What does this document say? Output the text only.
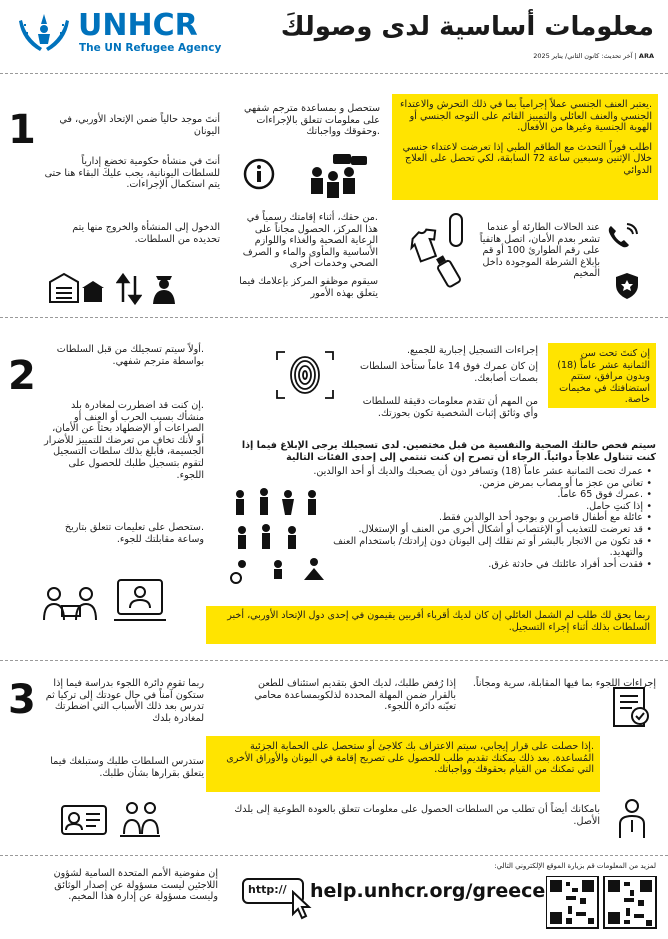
UNHCR
The UN Refugee Agency
معلومات أساسية لدى وصولكَ
ARA | آخر تحديث: كانون الثاني/ يناير 2025

.يعتبر العنف الجنسي عملاً إجرامياً بما في ذلك التحرش والاعتداء الجنسي والعنف العائلي والتمييز القائم على التوجه الجنسي أو الهوية الجنسية وغيرها من الأفعال.

اطلب فوراً التحدث مع الطاقم الطبي إذا تعرضت لاعتداء جنسي خلال الإثنين وسبعين ساعة 72 السابقة، لكي تحصل على العلاج الدوائي

عند الحالات الطارئة أو عندما تشعر بعدم الأمان، اتصل هاتفياً على رقم الطوارئ 100 أو قم بإبلاغ الشرطة الموجودة داخل المخيم
ستحصل و بمساعدة مترجم شفهي على معلومات تتعلق بالإجراءات .وحقوقك وواجباتك
.من حقك، أثناء إقامتك رسمياً في هذا المركز، الحصول مجاناً على الرعاية الصحية والغذاء واللوازم الأساسية والمأوى والماء و الصرف الصحي وخدمات أخرى
سيقوم موظفو المركز بإعلامك فيما يتعلق بهذه الأمور
1	أنتَ موجد حالياً ضمن الإتحاد الأوربي، في اليونان
أنتَ في منشأة حكومية تخضع إدارياً للسلطات اليونانية، يجب عليكَ البقاء هنا حتى يتم استكمال الإجراءات.
الدخول إلى المنشأة والخروج منها يتم تحديده من السلطات.

إن كنتَ تحت سن الثمانية عشر عاماً (18) وبدون مرافق، ستتم استضافتك في مخيمات خاصة.

إجراءات التسجيل إجبارية للجميع.
إن كان عمرك فوق 14 عاماً ستأخذ السلطات بصمات أصابعك.
من المهم أن تقدم معلومات دقيقة للسلطات وأي وثائق إثبات الشخصية تكون بحوزتك.
سيتم فحص حالتك الصحية والنفسية من قبل مختصين. لدى تسجيلك يرجى الإبلاغ فيما إذا كنت تتناول علاجاً دوائياً. الرجاء أن تصرح إن كنت تنتمي إلى إحدى الفئات التالية
• عمرك تحت الثمانية عشر عاماً (18) وتسافر دون أن يصحبك والديك أو أحد الوالدين.
• تعاني من عجز ما أو مصاب بمرض مزمن.
• .عمرك فوق 65 عاماً.
• إذا كنتِ حامل.
• عائلة مع أطفال قاصرين و بوجود أحد الوالدين فقط.
• قد تعرضت للتعذيب أو الإغتصاب أو أشكال أخرى من العنف أو الإستغلال.
• قد تكون من الاتجار بالبشر أو تم نقلك إلى اليونان دون إرادتك/ باستخدام العنف والتهديد.
• فقدت أحد أفراد عائلتك في حادثة غرق.

ربما يحق لك طلب لم الشمل العائلي إن كان لديك أقرباء أقربين يقيمون في إحدى دول الإتحاد الأوربي، أخبر السلطات بذلك أثناء إجراء التسجيل.

2
.أولاً سيتم تسجيلك من قبل السلطات بواسطة مترجم شفهي.
.إن كنت قد اضطررت لمغادرة بلد منشأك بسبب الحرب أو العنف أو الصراعات أو الإضطهاد بحثاً عن الأمان، أو لأنك تخاف من تعرضك للتمييز للأضرار الجسيمة، فأبلغ بذلك سلطات التسجيل لتقوم بتسجيل طلبك للحصول على اللجوء.
.ستحصل على تعليمات تتعلق بتاريخ وساعة مقابلتك للجوء.
إجراءات اللجوء بما فيها المقابلة، سرية ومجاناً.
إذا رُفض طلبك، لديك الحق بتقديم استئناف للطعن بالقرار ضمن المهلة المحددة لذلكوبمساعدة محامي تعيّنه دائرة اللجوء.

.إذا حصلت على قرار إيجابي، سيتم الاعتراف بك كلاجئ أو ستحصل على الحماية الجزئية المُساعدة. بعد ذلك يمكنك تقديم طلب للحصول على تصريح إقامة في اليونان والأوراق الأخرى التي تمكنك من القيام بحقوقك وواجباتك.

بامكانك أيضاً أن تطلب من السلطات الحصول على معلومات تتعلق بالعودة الطوعية إلى بلدك الأصل.
3	ربما تقوم دائرة اللجوء بدراسة فيما إذا ستكون آمناً في حال عودتك إلى تركيا ثم تدرس بعد ذلك الأسباب التي اضطرتك لمغادرة بلدك
ستدرس السلطات طلبك وستبلغك فيما يتعلق بقرارها بشأن طلبك.
لمزيد من المعلومات قم بزيارة الموقع الإلكتروني التالي:
http:// help.unhcr.org/greece
إن مفوضية الأمم المتحدة السامية لشؤون اللاجئين ليست مسؤولة عن إصدار الوثائق وليست مسؤولة عن إدارة هذا المخيم.
